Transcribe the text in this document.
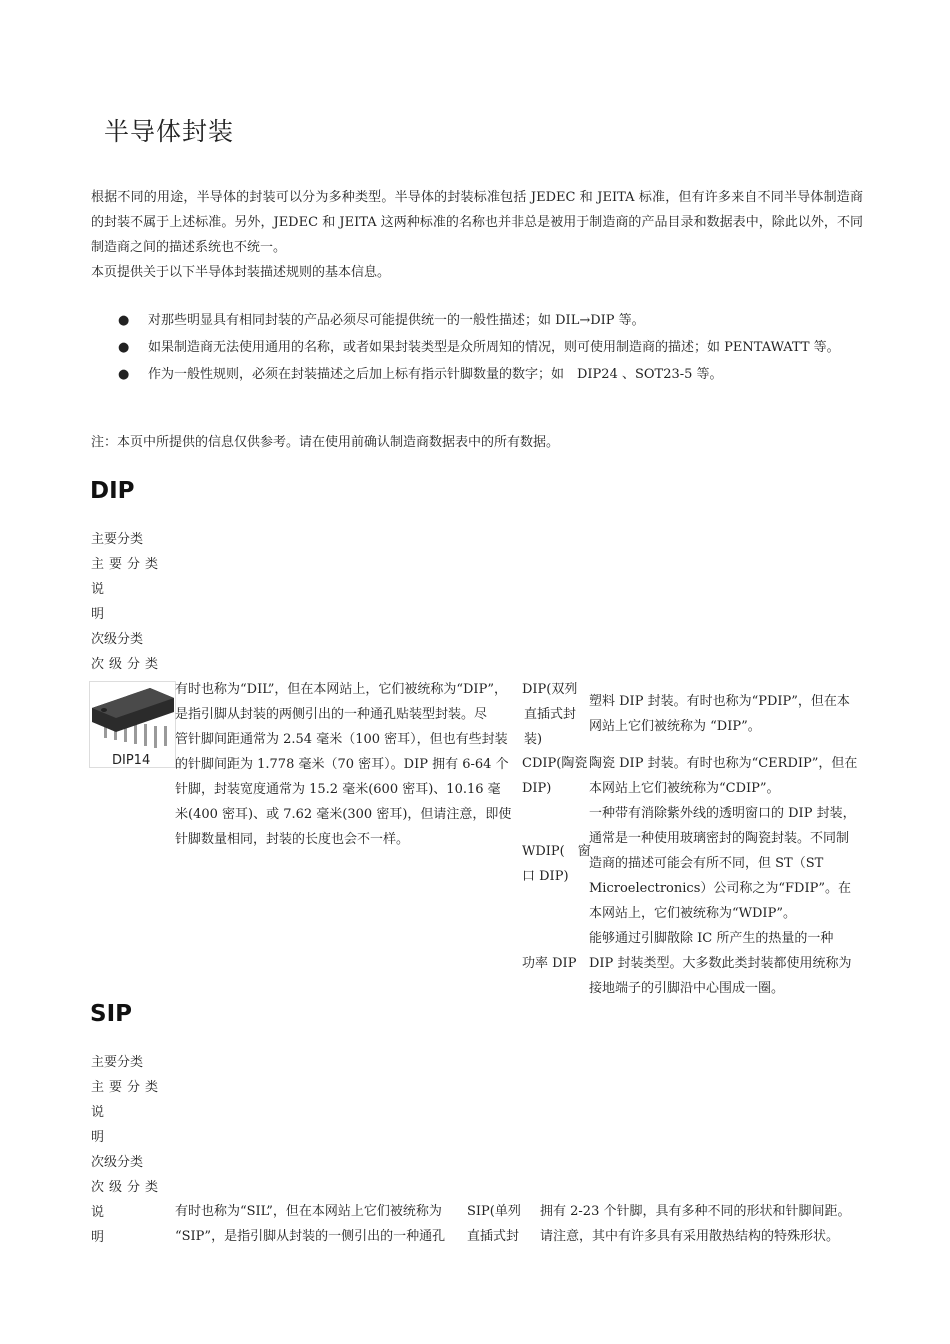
半导体封装
根据不同的用途，半导体的封装可以分为多种类型。半导体的封装标准包括 JEDEC 和 JEITA 标准，但有许多来自不同半导体制造商的封装不属于上述标准。另外，JEDEC 和 JEITA 这两种标准的名称也并非总是被用于制造商的产品目录和数据表中，除此以外，不同制造商之间的描述系统也不统一。
本页提供关于以下半导体封装描述规则的基本信息。
● 对那些明显具有相同封装的产品必须尽可能提供统一的一般性描述；如 DIL→DIP 等。
● 如果制造商无法使用通用的名称，或者如果封装类型是众所周知的情况，则可使用制造商的描述；如 PENTAWATT 等。
● 作为一般性规则，必须在封装描述之后加上标有指示针脚数量的数字；如　DIP24 、SOT23-5 等。
注：本页中所提供的信息仅供参考。请在使用前确认制造商数据表中的所有数据。
DIP
主要分类
主要分类说
明
次级分类
次级分类
DIP14
有时也称为“DIL”，但在本网站上，它们被统称为“DIP”，
是指引脚从封装的两侧引出的一种通孔贴装型封装。尽
管针脚间距通常为 2.54 毫米（100 密耳），但也有些封装
的针脚间距为 1.778 毫米（70 密耳）。DIP 拥有 6-64 个
针脚，封装宽度通常为 15.2 毫米(600 密耳)、10.16 毫
米(400 密耳)、或 7.62 毫米(300 密耳)，但请注意，即使
针脚数量相同，封装的长度也会不一样。
直插式封
装)
DIP(双列
塑料 DIP 封装。有时也称为“PDIP”，但在本网站上它们被统称为 “DIP”。
CDIP(陶瓷
DIP)
陶瓷 DIP 封装。有时也称为“CERDIP”，但在本网站上它们被统称为“CDIP”。
WDIP(　窗
口 DIP)
一种带有消除紫外线的透明窗口的 DIP 封装，通常是一种使用玻璃密封的陶瓷封装。不同制造商的描述可能会有所不同，但 ST（ST Microelectronics）公司称之为“FDIP”。在本网站上，它们被统称为“WDIP”。
功率 DIP
能够通过引脚散除 IC 所产生的热量的一种 DIP 封装类型。大多数此类封装都使用统称为接地端子的引脚沿中心围成一圈。
SIP
主要分类
主要分类说
明
次级分类
次级分类说
明
有时也称为“SIL”，但在本网站上它们被统称为
“SIP”，是指引脚从封装的一侧引出的一种通孔
SIP(单列
直插式封
拥有 2-23 个针脚，具有多种不同的形状和针脚间距。
请注意，其中有许多具有采用散热结构的特殊形状。
